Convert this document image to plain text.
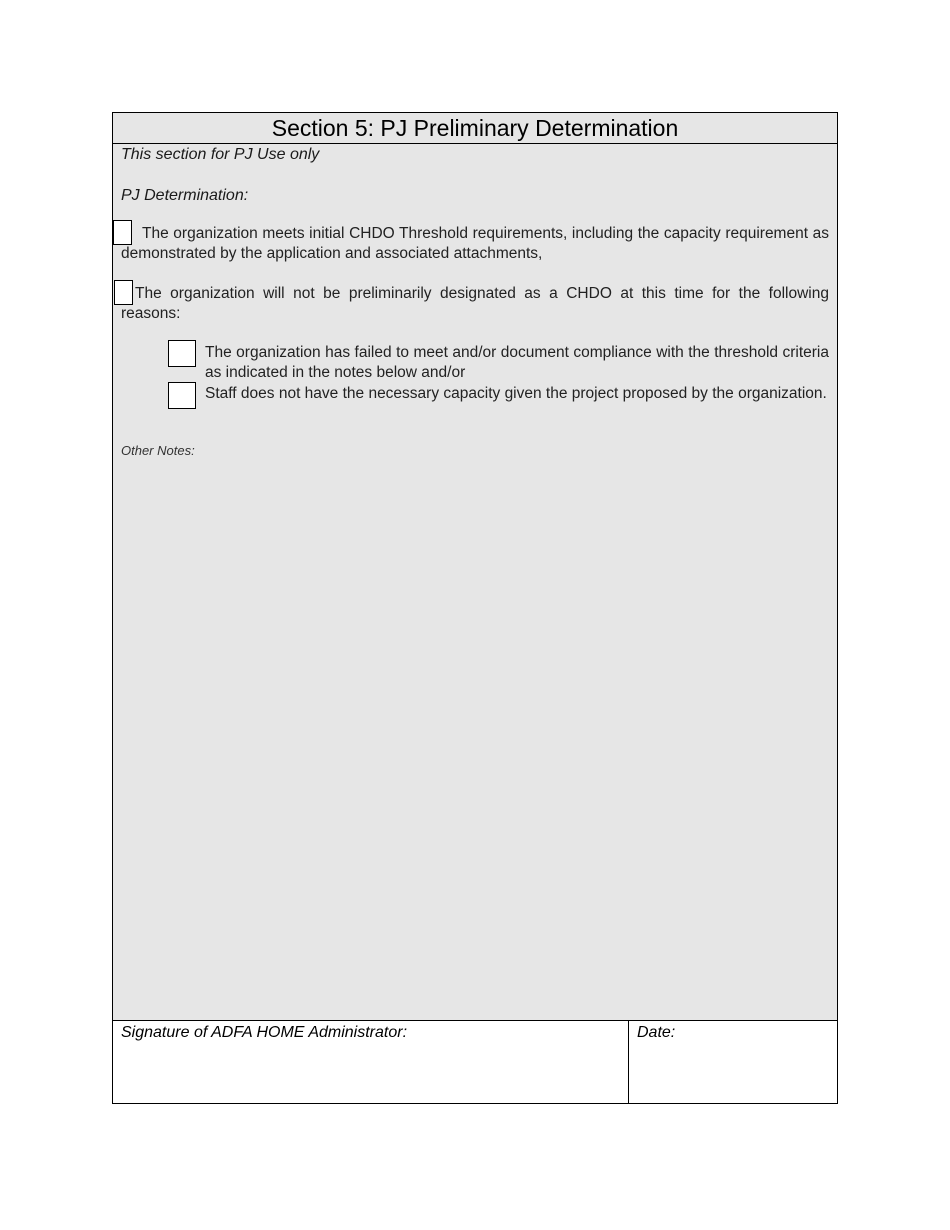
Section 5: PJ Preliminary Determination
This section for PJ Use only
PJ Determination:
The organization meets initial CHDO Threshold requirements, including the capacity requirement as demonstrated by the application and associated attachments,
The organization will not be preliminarily designated as a CHDO at this time for the following reasons:
The organization has failed to meet and/or document compliance with the threshold criteria as indicated in the notes below and/or
Staff does not have the necessary capacity given the project proposed by the organization.
Other Notes:
Signature of ADFA HOME Administrator:	Date:
